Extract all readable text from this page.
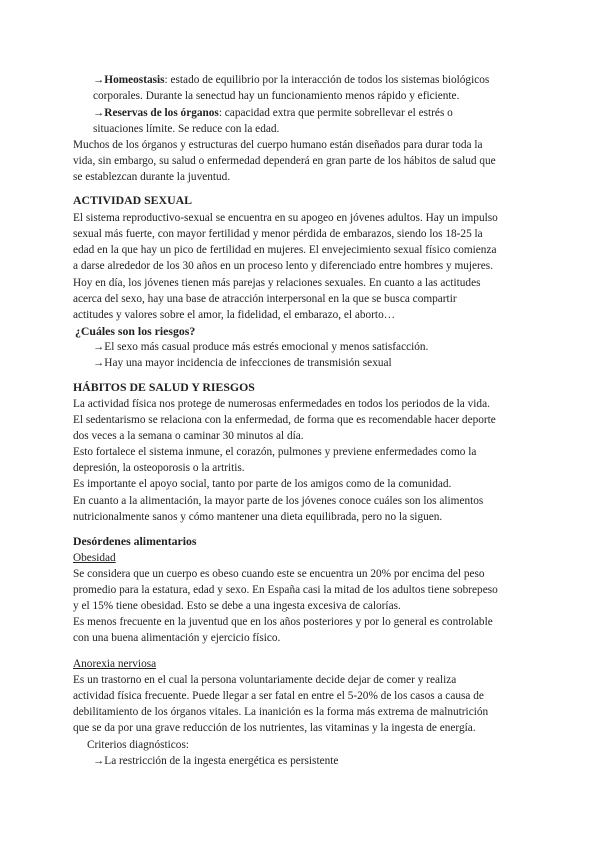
→Homeostasis: estado de equilibrio por la interacción de todos los sistemas biológicos
corporales. Durante la senectud hay un funcionamiento menos rápido y eficiente.
→Reservas de los órganos: capacidad extra que permite sobrellevar el estrés o
situaciones límite. Se reduce con la edad.
Muchos de los órganos y estructuras del cuerpo humano están diseñados para durar toda la
vida, sin embargo, su salud o enfermedad dependerá en gran parte de los hábitos de salud que
se establezcan durante la juventud.
ACTIVIDAD SEXUAL
El sistema reproductivo-sexual se encuentra en su apogeo en jóvenes adultos. Hay un impulso
sexual más fuerte, con mayor fertilidad y menor pérdida de embarazos, siendo los 18-25 la
edad en la que hay un pico de fertilidad en mujeres. El envejecimiento sexual físico comienza
a darse alrededor de los 30 años en un proceso lento y diferenciado entre hombres y mujeres.
Hoy en día, los jóvenes tienen más parejas y relaciones sexuales. En cuanto a las actitudes
acerca del sexo, hay una base de atracción interpersonal en la que se busca compartir
actitudes y valores sobre el amor, la fidelidad, el embarazo, el aborto…
¿Cuáles son los riesgos?
→El sexo más casual produce más estrés emocional y menos satisfacción.
→Hay una mayor incidencia de infecciones de transmisión sexual
HÁBITOS DE SALUD Y RIESGOS
La actividad física nos protege de numerosas enfermedades en todos los periodos de la vida.
El sedentarismo se relaciona con la enfermedad, de forma que es recomendable hacer deporte
dos veces a la semana o caminar 30 minutos al día.
Esto fortalece el sistema inmune, el corazón, pulmones y previene enfermedades como la
depresión, la osteoporosis o la artritis.
Es importante el apoyo social, tanto por parte de los amigos como de la comunidad.
En cuanto a la alimentación, la mayor parte de los jóvenes conoce cuáles son los alimentos
nutricionalmente sanos y cómo mantener una dieta equilibrada, pero no la siguen.
Desórdenes alimentarios
Obesidad
Se considera que un cuerpo es obeso cuando este se encuentra un 20% por encima del peso
promedio para la estatura, edad y sexo. En España casi la mitad de los adultos tiene sobrepeso
y el 15% tiene obesidad. Esto se debe a una ingesta excesiva de calorías.
Es menos frecuente en la juventud que en los años posteriores y por lo general es controlable
con una buena alimentación y ejercicio físico.
Anorexia nerviosa
Es un trastorno en el cual la persona voluntariamente decide dejar de comer y realiza
actividad física frecuente. Puede llegar a ser fatal en entre el 5-20% de los casos a causa de
debilitamiento de los órganos vitales. La inanición es la forma más extrema de malnutrición
que se da por una grave reducción de los nutrientes, las vitaminas y la ingesta de energía.
Criterios diagnósticos:
→La restricción de la ingesta energética es persistente
